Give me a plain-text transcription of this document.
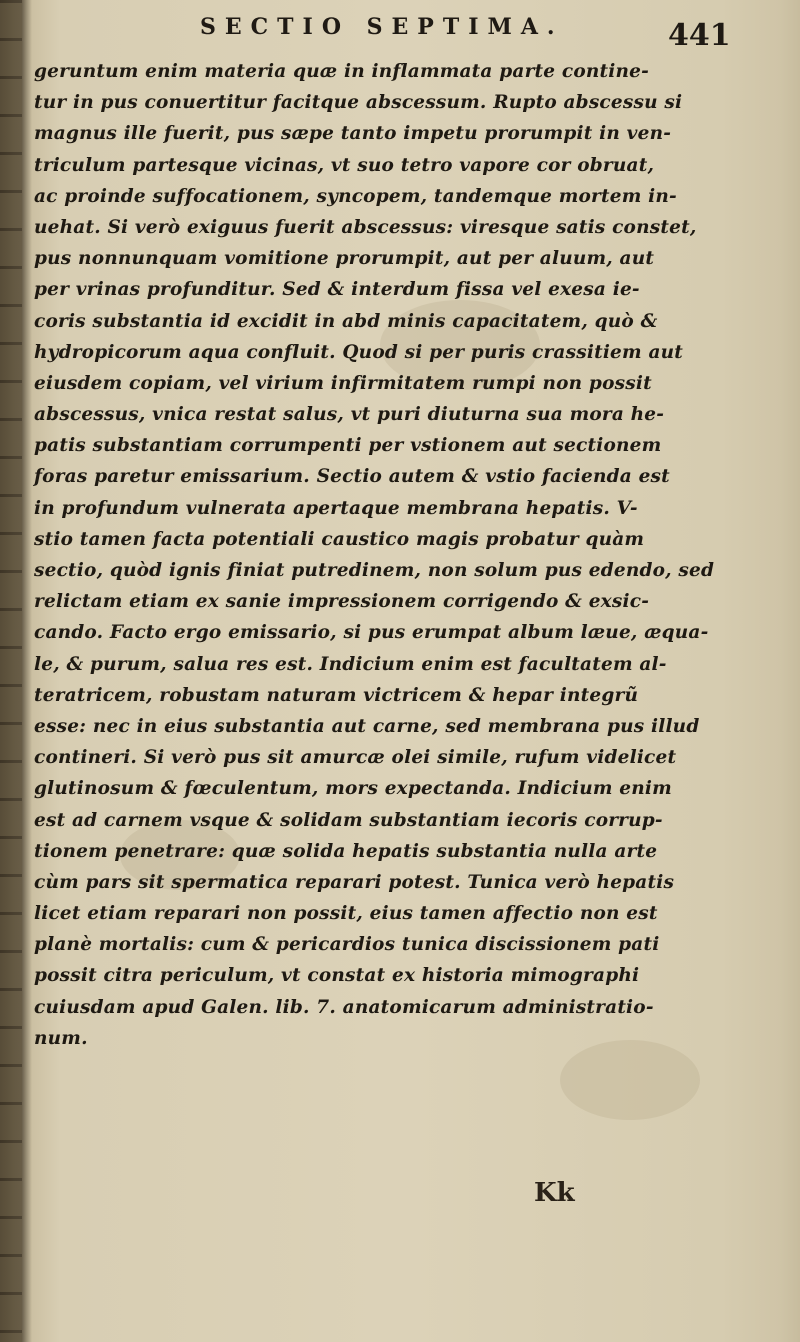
SECTIO SEPTIMA.	441
geruntum enim materia quæ in inflammata parte contine-
tur in pus conuertitur facitque abscessum. Rupto abscessu si
magnus ille fuerit, pus sæpe tanto impetu prorumpit in ven-
triculum partesque vicinas, vt suo tetro vapore cor obruat,
ac proinde suffocationem, syncopem, tandemque mortem in-
uehat. Si verò exiguus fuerit abscessus: viresque satis constet,
pus nonnunquam vomitione prorumpit, aut per aluum, aut
per vrinas profunditur. Sed & interdum fissa vel exesa ie-
coris substantia id excidit in abd minis capacitatem, quò &
hydropicorum aqua confluit. Quod si per puris crassitiem aut
eiusdem copiam, vel virium infirmitatem rumpi non possit
abscessus, vnica restat salus, vt puri diuturna sua mora he-
patis substantiam corrumpenti per vstionem aut sectionem
foras paretur emissarium. Sectio autem & vstio facienda est
in profundum vulnerata apertaque membrana hepatis. V-
stio tamen facta potentiali caustico magis probatur quàm
sectio, quòd ignis finiat putredinem, non solum pus edendo, sed
relictam etiam ex sanie impressionem corrigendo & exsic-
cando. Facto ergo emissario, si pus erumpat album læue, æqua-
le, & purum, salua res est. Indicium enim est facultatem al-
teratricem, robustam naturam victricem & hepar integrũ
esse: nec in eius substantia aut carne, sed membrana pus illud
contineri. Si verò pus sit amurcæ olei simile, rufum videlicet
glutinosum & fœculentum, mors expectanda. Indicium enim
est ad carnem vsque & solidam substantiam iecoris corrup-
tionem penetrare: quæ solida hepatis substantia nulla arte
cùm pars sit spermatica reparari potest. Tunica verò hepatis
licet etiam reparari non possit, eius tamen affectio non est
planè mortalis: cum & pericardios tunica discissionem pati
possit citra periculum, vt constat ex historia mimographi
cuiusdam apud Galen. lib. 7. anatomicarum administratio-
num.
Kk
